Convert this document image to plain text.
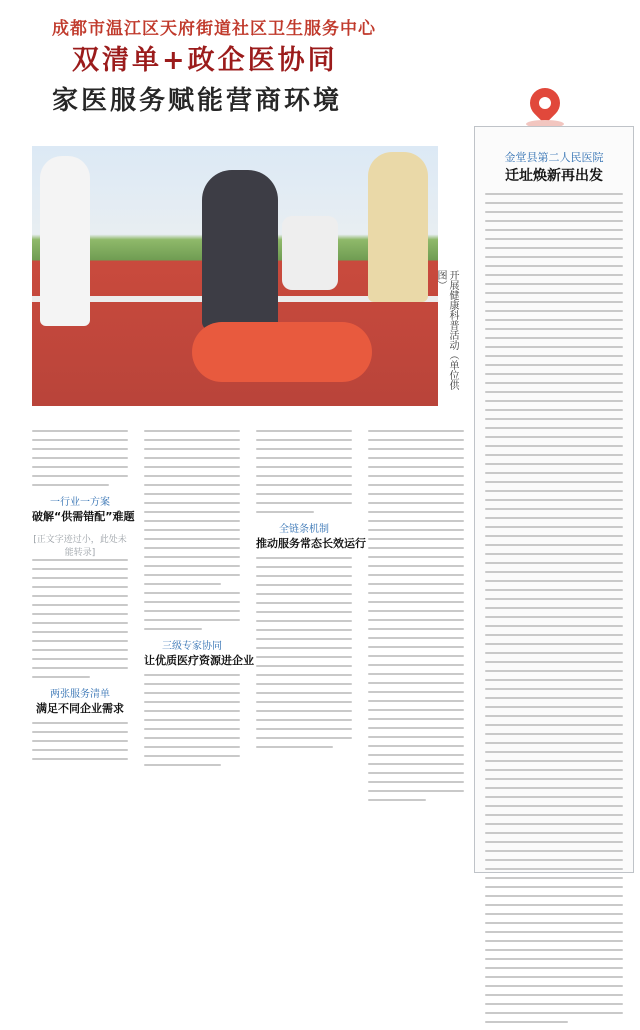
成都市温江区天府街道社区卫生服务中心
双清单+政企医协同
家医服务赋能营商环境
开展健康科普活动（单位供图）
一行业一方案
破解“供需错配”难题
[正文字迹过小，此处未能转录]
两张服务清单
满足不同企业需求
三级专家协同
让优质医疗资源进企业
全链条机制
推动服务常态长效运行
金堂县第二人民医院
迁址焕新再出发
